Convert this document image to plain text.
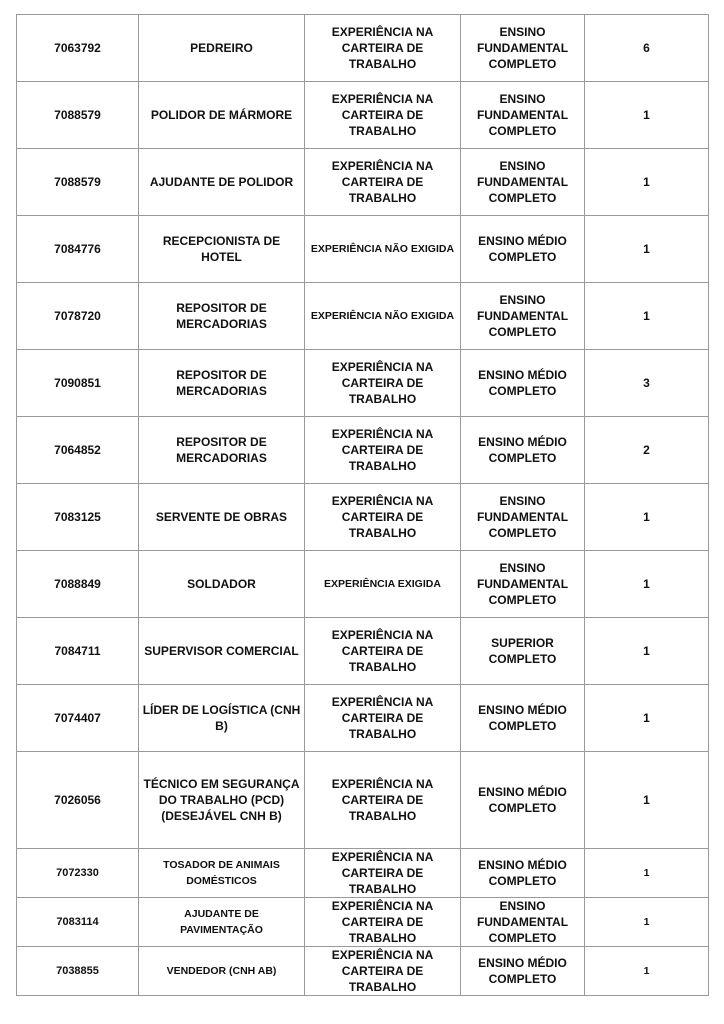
7063792	PEDREIRO	EXPERIÊNCIA NA CARTEIRA DE TRABALHO	ENSINO FUNDAMENTAL COMPLETO	6
7088579	POLIDOR DE MÁRMORE	EXPERIÊNCIA NA CARTEIRA DE TRABALHO	ENSINO FUNDAMENTAL COMPLETO	1
7088579	AJUDANTE DE POLIDOR	EXPERIÊNCIA NA CARTEIRA DE TRABALHO	ENSINO FUNDAMENTAL COMPLETO	1
7084776	RECEPCIONISTA DE HOTEL	EXPERIÊNCIA NÃO EXIGIDA	ENSINO MÉDIO COMPLETO	1
7078720	REPOSITOR DE MERCADORIAS	EXPERIÊNCIA NÃO EXIGIDA	ENSINO FUNDAMENTAL COMPLETO	1
7090851	REPOSITOR DE MERCADORIAS	EXPERIÊNCIA NA CARTEIRA DE TRABALHO	ENSINO MÉDIO COMPLETO	3
7064852	REPOSITOR DE MERCADORIAS	EXPERIÊNCIA NA CARTEIRA DE TRABALHO	ENSINO MÉDIO COMPLETO	2
7083125	SERVENTE DE OBRAS	EXPERIÊNCIA NA CARTEIRA DE TRABALHO	ENSINO FUNDAMENTAL COMPLETO	1
7088849	SOLDADOR	EXPERIÊNCIA EXIGIDA	ENSINO FUNDAMENTAL COMPLETO	1
7084711	SUPERVISOR COMERCIAL	EXPERIÊNCIA NA CARTEIRA DE TRABALHO	SUPERIOR COMPLETO	1
7074407	LÍDER DE LOGÍSTICA (CNH B)	EXPERIÊNCIA NA CARTEIRA DE TRABALHO	ENSINO MÉDIO COMPLETO	1
7026056	TÉCNICO EM SEGURANÇA DO TRABALHO (PCD) (DESEJÁVEL CNH B)	EXPERIÊNCIA NA CARTEIRA DE TRABALHO	ENSINO MÉDIO COMPLETO	1
7072330	TOSADOR DE ANIMAIS DOMÉSTICOS	EXPERIÊNCIA NA CARTEIRA DE TRABALHO	ENSINO MÉDIO COMPLETO	1
7083114	AJUDANTE DE PAVIMENTAÇÃO	EXPERIÊNCIA NA CARTEIRA DE TRABALHO	ENSINO FUNDAMENTAL COMPLETO	1
7038855	VENDEDOR (CNH AB)	EXPERIÊNCIA NA CARTEIRA DE TRABALHO	ENSINO MÉDIO COMPLETO	1
